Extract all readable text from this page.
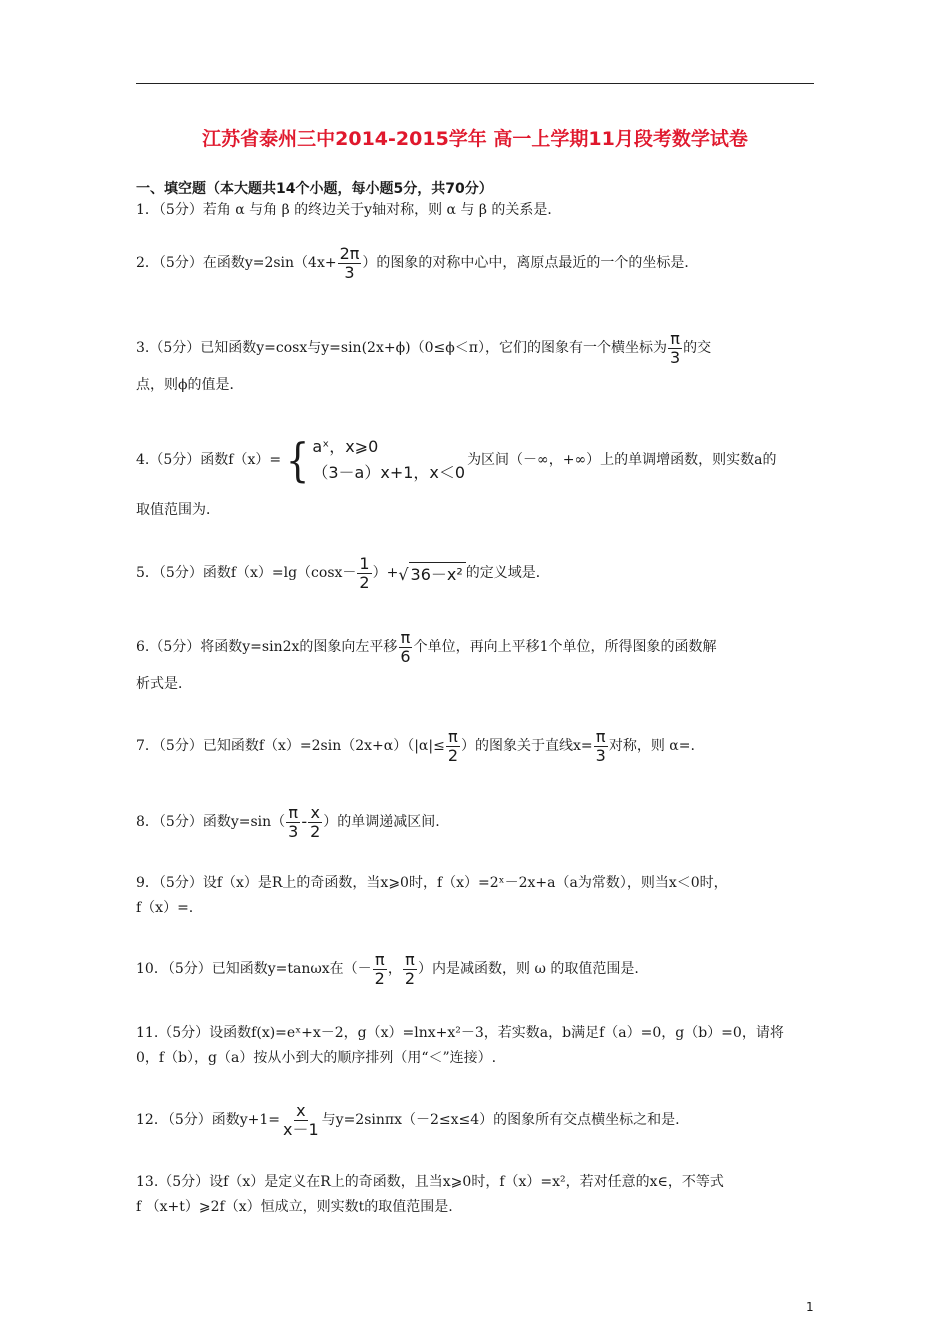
江苏省泰州三中2014-2015学年 高一上学期11月段考数学试卷
一、填空题（本大题共14个小题，每小题5分，共70分）
1．（5分）若角 α 与角 β 的终边关于y轴对称，则 α 与 β 的关系是．
2．（5分）在函数$y=2\sin(4x+ \frac{2\pi}{3}$ ）的图象的对称中心中，离原点最近的一个的坐标是．
3.（5分）已知函数y=cosx与y=sin(2x+ϕ)（0≤ϕ＜π），它们的图象有一个横坐标为 $\frac{\pi}{3}$ 的交
点，则ϕ的值是．
4.（5分）函数f（x）= { aˣ，x⩾0
（3－a）x+1，x＜0
为区间（－∞，+∞）上的单调增函数，则实数a的
取值范围为．
5．（5分）函数$f(x)=\lg(\cos x- \frac{1}{2}$ ）+ √ 36－x² 的定义域是．
6.（5分）将函数y=sin2x的图象向左平移 $\frac{\pi}{6}$ 个单位，再向上平移1个单位，所得图象的函数解
析式是．
7．（5分）已知函数$f(x)=2\sin(2x+\alpha)(|\alpha|\le \frac{\pi}{2}$ ）的图象关于直线$x= \frac{\pi}{3}$ 对称，则 α=.
8．（5分）函数$y=\sin( \frac{\pi}{3} - \frac{x}{2}$ ）的单调递减区间.
9．（5分）设f（x）是R上的奇函数，当x⩾0时，f（x）=2ˣ－2x+a（a为常数），则当x＜0时，
f（x）=.
10．（5分）已知函数y=tanωx在（－ $\frac{\pi}{2}$ ， $\frac{\pi}{2}$ ）内是减函数，则 ω 的取值范围是.
11.（5分）设函数f(x)=eˣ+x－2，g（x）=lnx+x²－3，若实数a，b满足f（a）=0，g（b）=0，请将
0，f（b），g（a）按从小到大的顺序排列（用“＜”连接）.
12．（5分）函数$y+1= \frac{x}{x-1}$ 与y=2sinπx（－2≤x≤4）的图象所有交点横坐标之和是.
13.（5分）设f（x）是定义在R上的奇函数，且当x⩾0时，f（x）=x²，若对任意的x∈，不等式
f （x+t）⩾2f（x）恒成立，则实数t的取值范围是.
1
